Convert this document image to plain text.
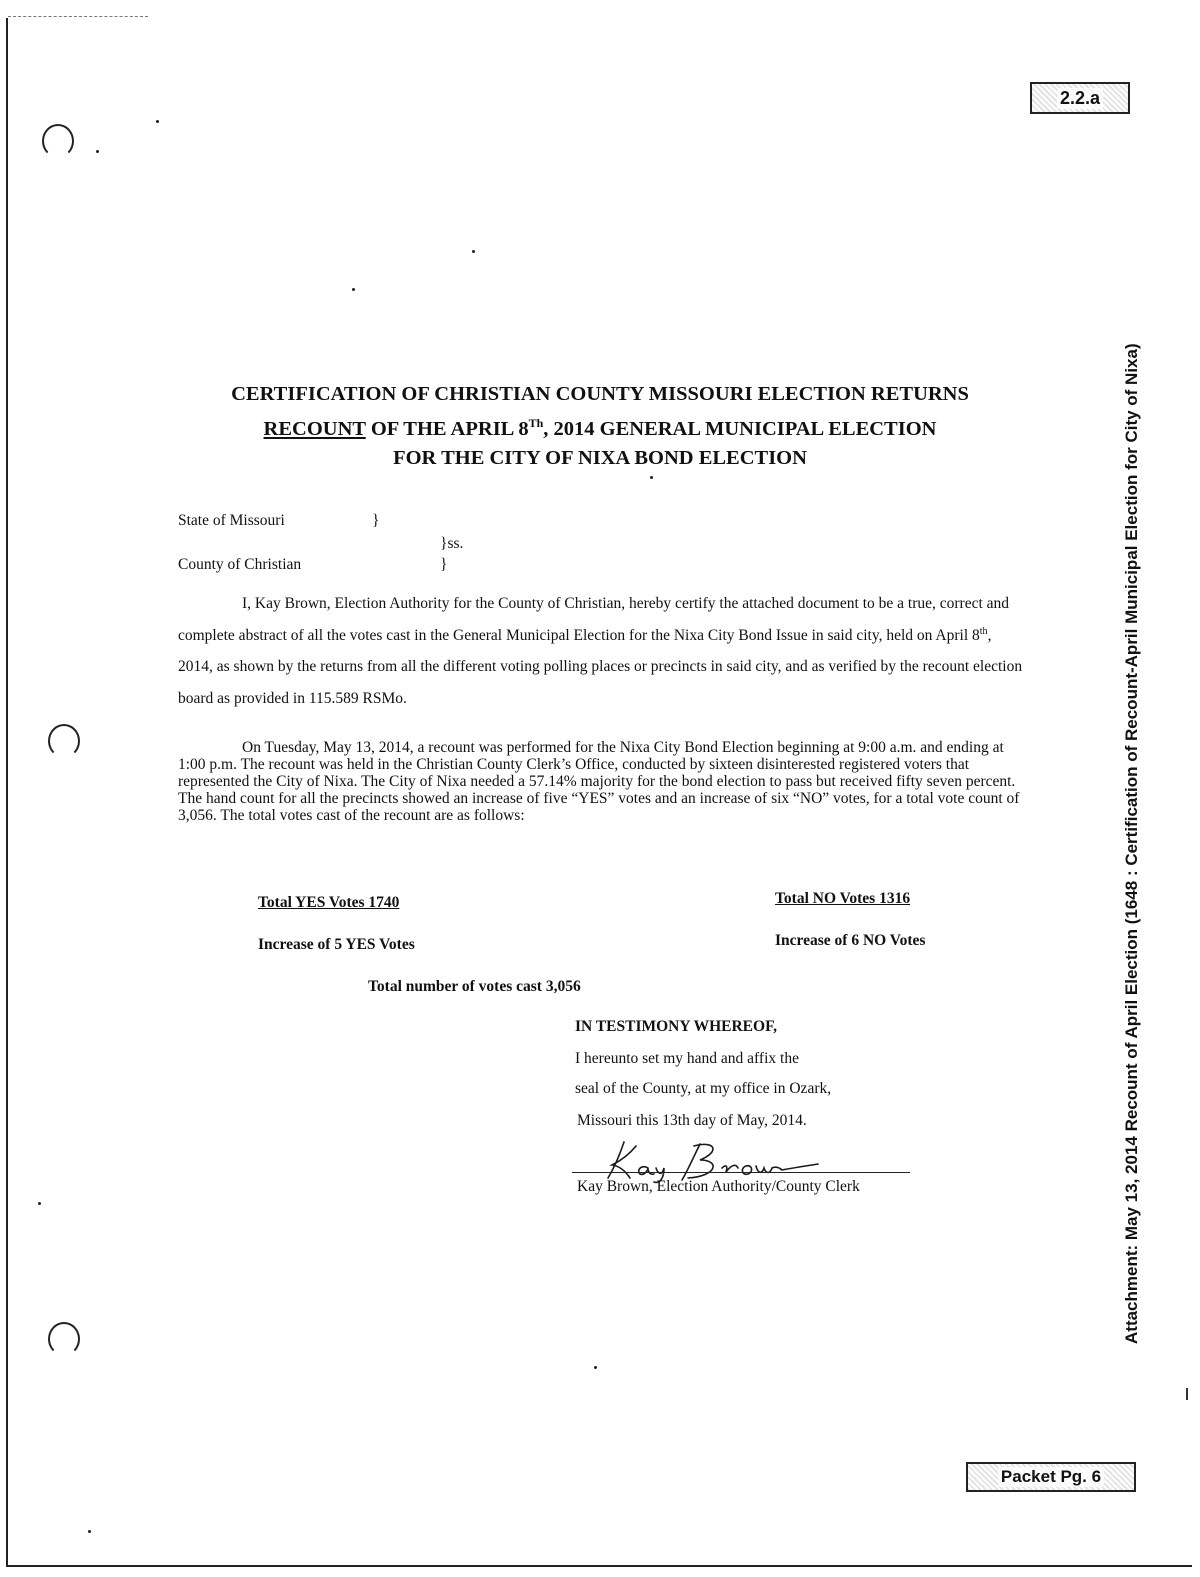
2.2.a
Packet Pg. 6
Attachment: May 13, 2014 Recount of April Election (1648 : Certification of Recount-April Municipal Election for City of Nixa)
CERTIFICATION OF CHRISTIAN COUNTY MISSOURI ELECTION RETURNS
RECOUNT OF THE APRIL 8Th, 2014 GENERAL MUNICIPAL ELECTION
FOR THE CITY OF NIXA BOND ELECTION
State of Missouri	}
}ss.
County of Christian	}
I, Kay Brown, Election Authority for the County of Christian, hereby certify the attached document to be a true, correct and complete abstract of all the votes cast in the General Municipal Election for the Nixa City Bond Issue in said city, held on April 8th, 2014, as shown by the returns from all the different voting polling places or precincts in said city, and as verified by the recount election board as provided in 115.589 RSMo.
On Tuesday, May 13, 2014, a recount was performed for the Nixa City Bond Election beginning at 9:00 a.m. and ending at 1:00 p.m. The recount was held in the Christian County Clerk’s Office, conducted by sixteen disinterested registered voters that represented the City of Nixa. The City of Nixa needed a 57.14% majority for the bond election to pass but received fifty seven percent. The hand count for all the precincts showed an increase of five “YES” votes and an increase of six “NO” votes, for a total vote count of 3,056. The total votes cast of the recount are as follows:
Total YES Votes 1740	Total NO Votes 1316
Increase of 5 YES Votes	Increase of 6 NO Votes
Total number of votes cast 3,056
IN TESTIMONY WHEREOF,
I hereunto set my hand and affix the
seal of the County, at my office in Ozark,
Missouri this 13th day of May, 2014.
Kay Brown, Election Authority/County Clerk
